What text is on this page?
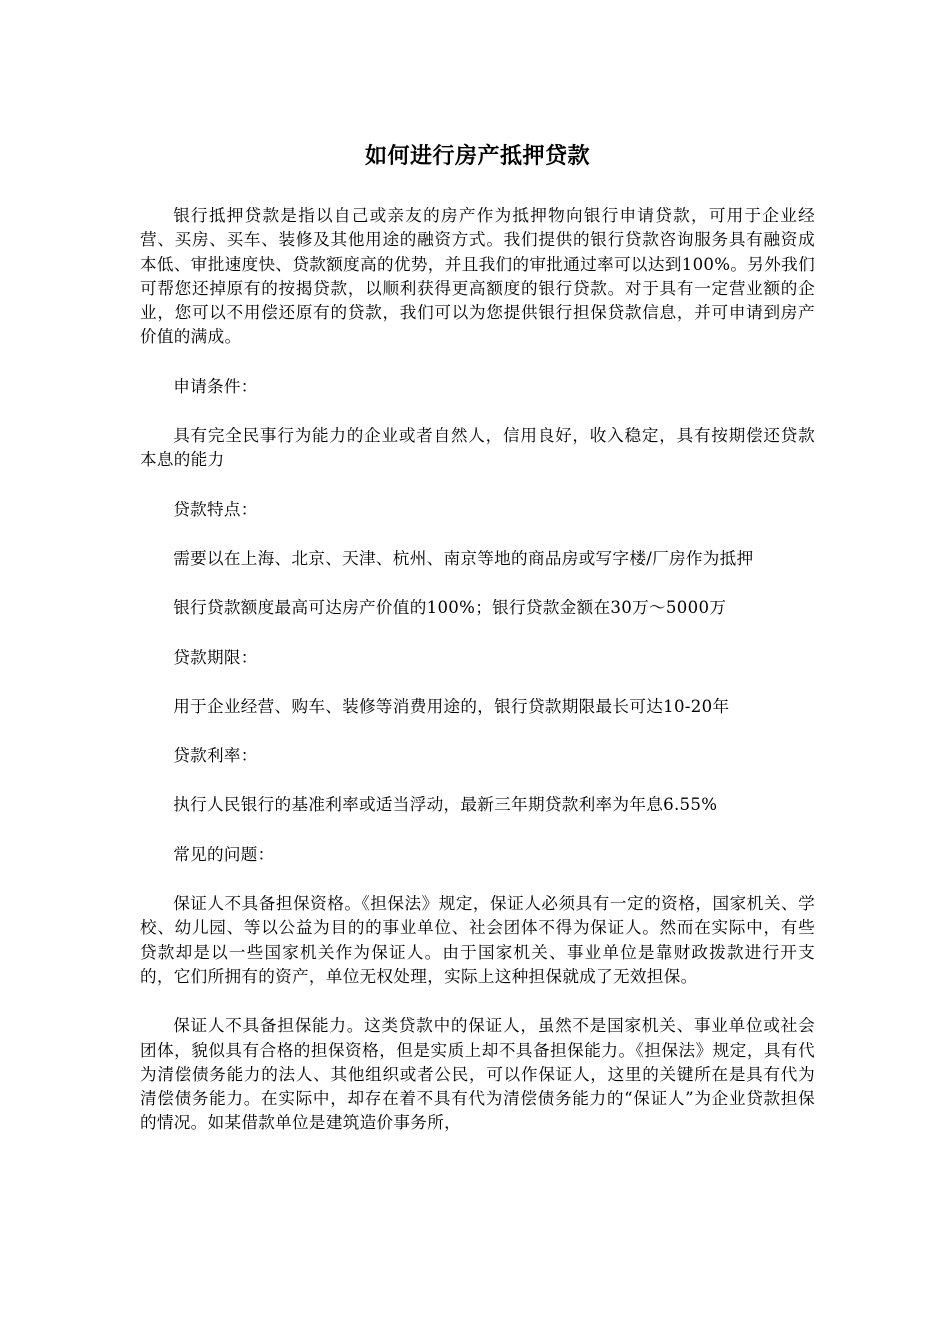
如何进行房产抵押贷款

银行抵押贷款是指以自己或亲友的房产作为抵押物向银行申请贷款，可用于企业经营、买房、买车、装修及其他用途的融资方式。我们提供的银行贷款咨询服务具有融资成本低、审批速度快、贷款额度高的优势，并且我们的审批通过率可以达到100%。另外我们可帮您还掉原有的按揭贷款，以顺利获得更高额度的银行贷款。对于具有一定营业额的企业，您可以不用偿还原有的贷款，我们可以为您提供银行担保贷款信息，并可申请到房产价值的满成。

申请条件：

具有完全民事行为能力的企业或者自然人，信用良好，收入稳定，具有按期偿还贷款本息的能力

贷款特点：

需要以在上海、北京、天津、杭州、南京等地的商品房或写字楼/厂房作为抵押

银行贷款额度最高可达房产价值的100%；银行贷款金额在30万～5000万

贷款期限：

用于企业经营、购车、装修等消费用途的，银行贷款期限最长可达10-20年

贷款利率：

执行人民银行的基准利率或适当浮动，最新三年期贷款利率为年息6.55%

常见的问题：

保证人不具备担保资格。《担保法》规定，保证人必须具有一定的资格，国家机关、学校、幼儿园、等以公益为目的的事业单位、社会团体不得为保证人。然而在实际中，有些贷款却是以一些国家机关作为保证人。由于国家机关、事业单位是靠财政拨款进行开支的，它们所拥有的资产，单位无权处理，实际上这种担保就成了无效担保。

保证人不具备担保能力。这类贷款中的保证人，虽然不是国家机关、事业单位或社会团体，貌似具有合格的担保资格，但是实质上却不具备担保能力。《担保法》规定，具有代为清偿债务能力的法人、其他组织或者公民，可以作保证人，这里的关键所在是具有代为清偿债务能力。在实际中，却存在着不具有代为清偿债务能力的“保证人”为企业贷款担保的情况。如某借款单位是建筑造价事务所，
